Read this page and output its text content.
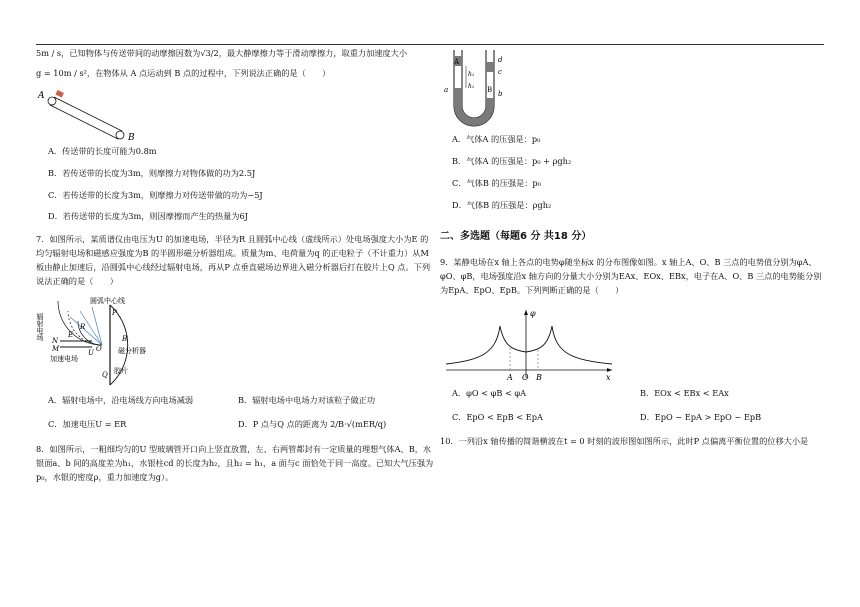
5m / s，已知物体与传送带间的动摩擦因数为√3/2，最大静摩擦力等于滑动摩擦力，取重力加速度大小

g = 10m / s²，在物体从 A 点运动到 B 点的过程中，下列说法正确的是（　　）

A
B

A．传送带的长度可能为0.8m

B．若传送带的长度为3m，则摩擦力对物体做的功为2.5J

C．若传送带的长度为3m，则摩擦力对传送带做的功为−5J

D．若传送带的长度为3m，则因摩擦而产生的热量为6J

7．如图所示，某质谱仪由电压为U 的加速电场，半径为R 且圆弧中心线（虚线所示）处电场强度大小为E 的均匀辐射电场和磁感应强度为B 的半圆形磁分析器组成。质量为m、电荷量为q 的正电粒子（不计重力）从M 板由静止加速后，沿圆弧中心线经过辐射电场，再从P 点垂直磁场边界进入磁分析器后打在胶片上Q 点。下列说法正确的是（　　）

圆弧中心线
辐射电场
加速电场
磁分析器
胶片
P
B
Q
O
R
E
U
N
M
A．辐射电场中，沿电场线方向电场减弱	B．辐射电场中电场力对该粒子做正功
C．加速电压U = ER	D．P 点与Q 点的距离为 2/B·√(mER/q)

8．如图所示，一粗细均匀的U 型玻璃管开口向上竖直放置，左、右两管都封有一定质量的理想气体A、B，水银面a、b 间的高度差为h₁，水银柱cd 的长度为h₂，且h₂ = h₁，a 面与c 面恰处于同一高度。已知大气压强为p₀，水银的密度ρ，重力加速度为g）。

A
B
a	b
c
d
h₁
h₁

A．气体A 的压强是：p₀

B．气体A 的压强是：p₀ + ρgh₂

C．气体B 的压强是：p₀

D．气体B 的压强是：ρgh₂

二、多选题（每题6 分 共18 分）

9．某静电场在x 轴上各点的电势φ随坐标x 的分布图像如图。x 轴上A、O、B 三点的电势值分别为φA、φO、φB，电场强度沿x 轴方向的分量大小分别为EAx、EOx、EBx，电子在A、O、B 三点的电势能分别为EpA、EpO、EpB。下列判断正确的是（　　）

φ
x
A O B
A．φO < φB < φA	B．EOx < EBx < EAx
C．EpO < EpB < EpA	D．EpO − EpA > EpO − EpB

10．一列沿x 轴传播的简谐横波在t = 0 时刻的波形图如图所示，此时P 点偏离平衡位置的位移大小是
